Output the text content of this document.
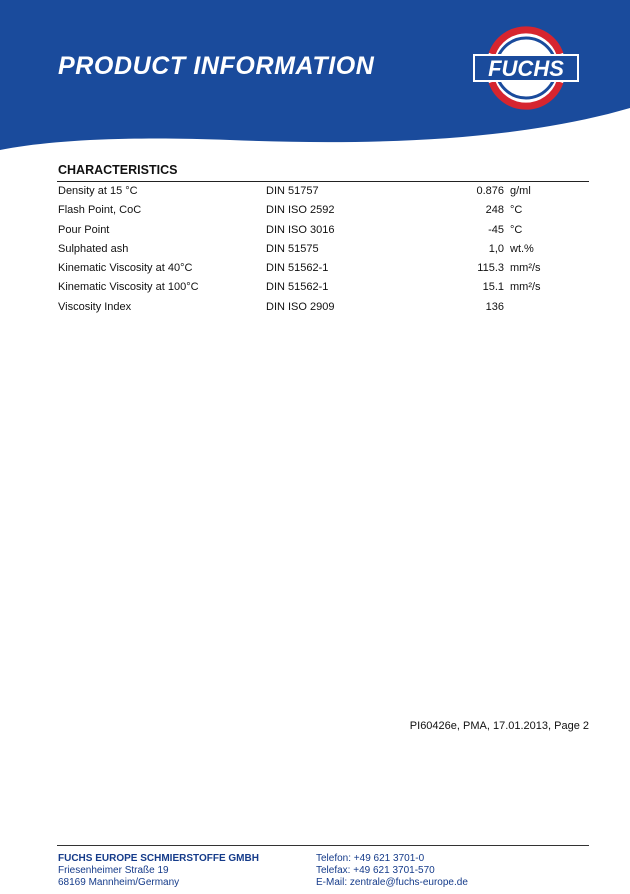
PRODUCT INFORMATION	FUCHS
CHARACTERISTICS
Density at 15 °C	DIN 51757	0.876 g/ml
Flash Point, CoC	DIN ISO 2592	248 °C
Pour Point	DIN ISO 3016	-45 °C
Sulphated ash	DIN 51575	1,0 wt.%
Kinematic Viscosity at 40°C	DIN 51562-1	115.3 mm²/s
Kinematic Viscosity at 100°C	DIN 51562-1	15.1 mm²/s
Viscosity Index	DIN ISO 2909	136
PI60426e, PMA, 17.01.2013, Page 2
FUCHS EUROPE SCHMIERSTOFFE GMBH
Friesenheimer Straße 19
68169 Mannheim/Germany
Telefon: +49 621 3701-0
Telefax: +49 621 3701-570
E-Mail: zentrale@fuchs-europe.de
